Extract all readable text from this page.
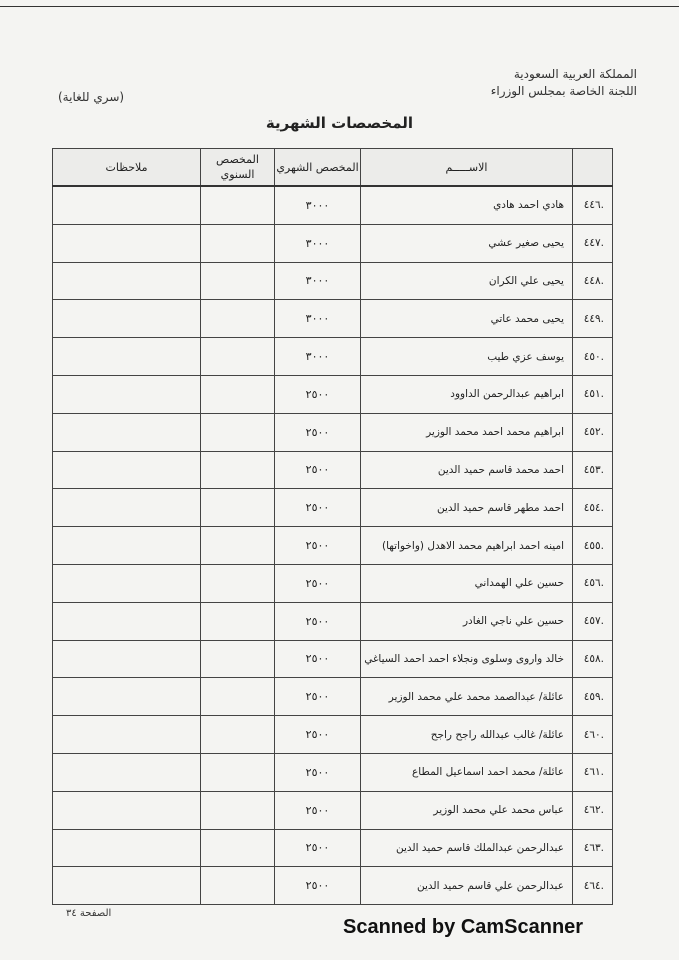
المملكة العربية السعودية
اللجنة الخاصة بمجلس الوزراء
(سري للغاية)
المخصصات الشهرية
	الاســـــم	المخصص الشهري	المخصص السنوي	ملاحظات
.٤٤٦	هادي احمد هادي	٣٠٠٠		
.٤٤٧	يحيى صغير عشي	٣٠٠٠		
.٤٤٨	يحيى علي الكران	٣٠٠٠		
.٤٤٩	يحيى محمد عاتي	٣٠٠٠		
.٤٥٠	يوسف عزي طيب	٣٠٠٠		
.٤٥١	ابراهيم عبدالرحمن الداوود	٢٥٠٠		
.٤٥٢	ابراهيم محمد احمد محمد الوزير	٢٥٠٠		
.٤٥٣	احمد محمد قاسم حميد الدين	٢٥٠٠		
.٤٥٤	احمد مطهر قاسم حميد الدين	٢٥٠٠		
.٤٥٥	امينه احمد ابراهيم محمد الاهدل (واخواتها)	٢٥٠٠		
.٤٥٦	حسين علي الهمداني	٢٥٠٠		
.٤٥٧	حسين علي ناجي الغادر	٢٥٠٠		
.٤٥٨	خالد واروى وسلوى ونجلاء احمد احمد السياغي	٢٥٠٠		
.٤٥٩	عائلة/ عبدالصمد محمد علي محمد الوزير	٢٥٠٠		
.٤٦٠	عائلة/ غالب عبدالله راجح راجح	٢٥٠٠		
.٤٦١	عائلة/ محمد احمد اسماعيل المطاع	٢٥٠٠		
.٤٦٢	عباس محمد علي محمد الوزير	٢٥٠٠		
.٤٦٣	عبدالرحمن عبدالملك قاسم حميد الدين	٢٥٠٠		
.٤٦٤	عبدالرحمن علي قاسم حميد الدين	٢٥٠٠		
الصفحة ٣٤
Scanned by CamScanner
